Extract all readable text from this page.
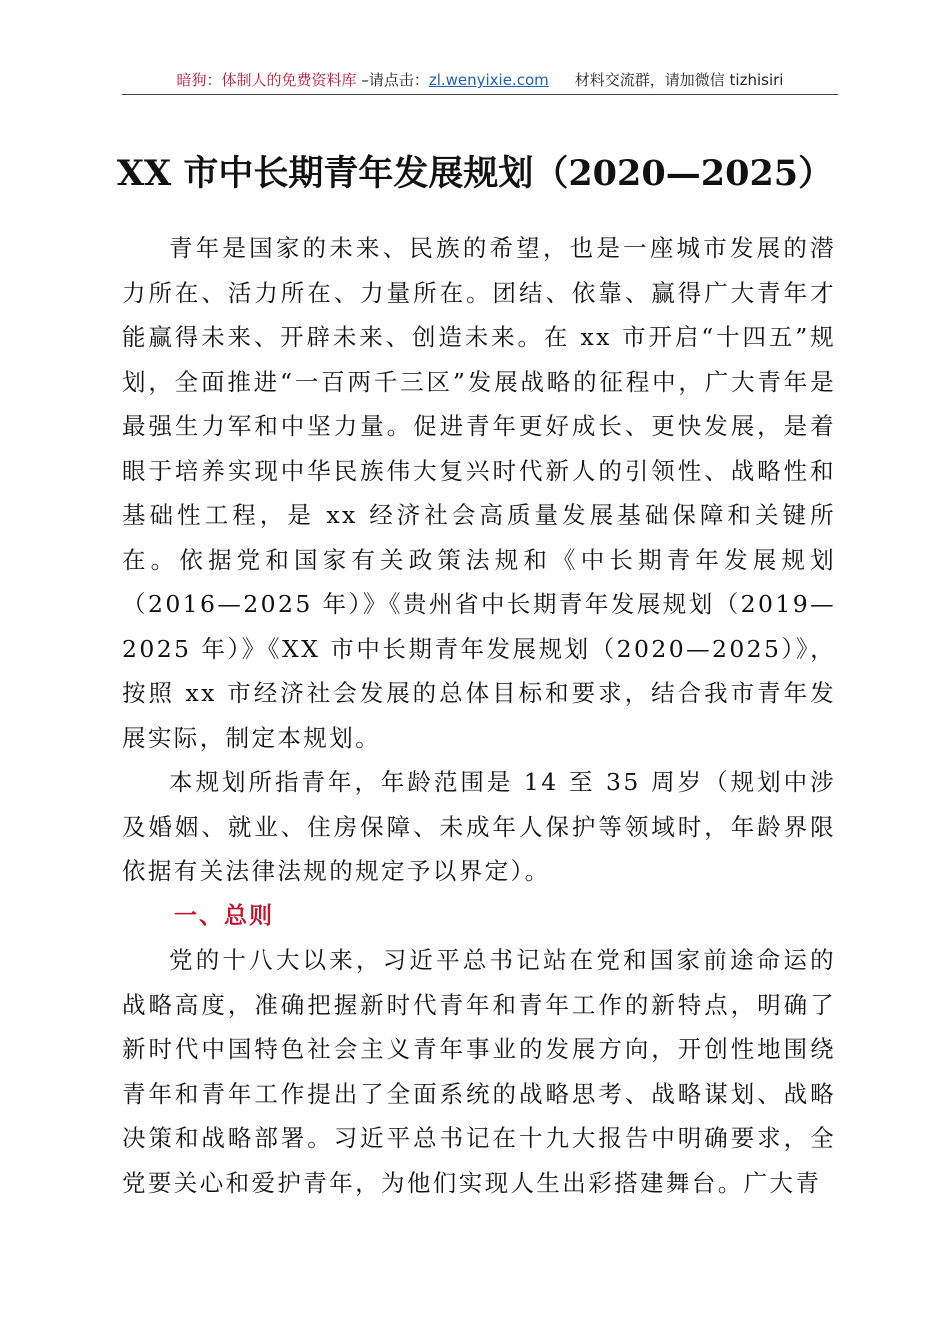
暗狗：体制人的免费资料库 –请点击：zl.wenyixie.com 材料交流群，请加微信 tizhisiri
XX 市中长期青年发展规划（2020—2025）

青年是国家的未来、民族的希望，也是一座城市发展的潜力所在、活力所在、力量所在。团结、依靠、赢得广大青年才能赢得未来、开辟未来、创造未来。在 xx 市开启“十四五”规划，全面推进“一百两千三区”发展战略的征程中，广大青年是最强生力军和中坚力量。促进青年更好成长、更快发展，是着眼于培养实现中华民族伟大复兴时代新人的引领性、战略性和基础性工程，是 xx 经济社会高质量发展基础保障和关键所在。依据党和国家有关政策法规和《中长期青年发展规划（2016—2025 年）》《贵州省中长期青年发展规划（2019—2025 年）》《XX 市中长期青年发展规划（2020—2025）》，按照 xx 市经济社会发展的总体目标和要求，结合我市青年发展实际，制定本规划。

本规划所指青年，年龄范围是 14 至 35 周岁（规划中涉及婚姻、就业、住房保障、未成年人保护等领域时，年龄界限依据有关法律法规的规定予以界定）。

一、总则

党的十八大以来，习近平总书记站在党和国家前途命运的战略高度，准确把握新时代青年和青年工作的新特点，明确了新时代中国特色社会主义青年事业的发展方向，开创性地围绕青年和青年工作提出了全面系统的战略思考、战略谋划、战略决策和战略部署。习近平总书记在十九大报告中明确要求，全党要关心和爱护青年，为他们实现人生出彩搭建舞台。广大青
